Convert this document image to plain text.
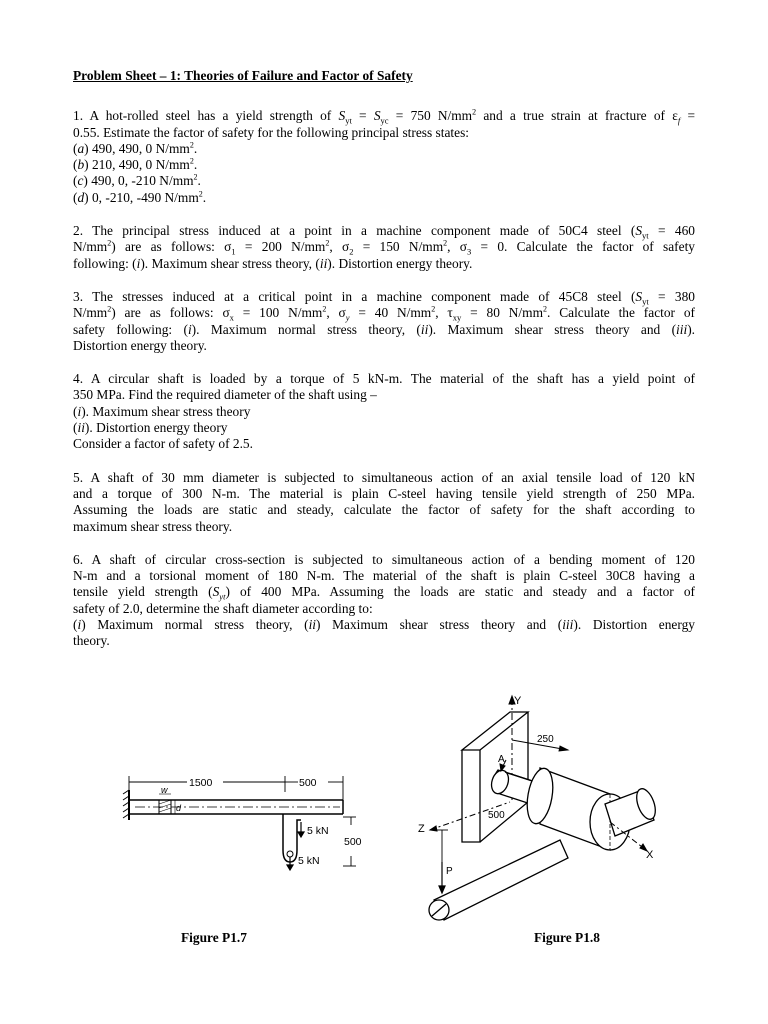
Problem Sheet – 1: Theories of Failure and Factor of Safety
1. A hot-rolled steel has a yield strength of $S_{yt} = S_{yc} = 750$ $N/mm^2$ and a true strain at fracture of $\varepsilon_f$ =
0.55. Estimate the factor of safety for the following principal stress states:
(a) 490, 490, 0 $N/mm^2$.
(b) 210, 490, 0 $N/mm^2$.
(c) 490, 0, -210 $N/mm^2$.
(d) 0, -210, -490 $N/mm^2$.
2. The principal stress induced at a point in a machine component made of 50C4 steel ($S_{yt} = 460$
$N/mm^2$) are as follows: $\sigma_1 = 200$ $N/mm^2$, $\sigma_2 = 150$ $N/mm^2$, $\sigma_3 = 0$. Calculate the factor of safety
following: (i). Maximum shear stress theory, (ii). Distortion energy theory.
3. The stresses induced at a critical point in a machine component made of 45C8 steel ($S_{yt} = 380$
$N/mm^2$) are as follows: $\sigma_x = 100$ $N/mm^2$, $\sigma_y = 40$ $N/mm^2$, $\tau_{xy} = 80$ $N/mm^2$. Calculate the factor of
safety following: (i). Maximum normal stress theory, (ii). Maximum shear stress theory and (iii).
Distortion energy theory.
4. A circular shaft is loaded by a torque of 5 kN-m. The material of the shaft has a yield point of
350 MPa. Find the required diameter of the shaft using –
(i). Maximum shear stress theory
(ii). Distortion energy theory
Consider a factor of safety of 2.5.
5. A shaft of 30 mm diameter is subjected to simultaneous action of an axial tensile load of 120 kN
and a torque of 300 N-m. The material is plain C-steel having tensile yield strength of 250 MPa.
Assuming the loads are static and steady, calculate the factor of safety for the shaft according to
maximum shear stress theory.
6. A shaft of circular cross-section is subjected to simultaneous action of a bending moment of 120
N-m and a torsional moment of 180 N-m. The material of the shaft is plain C-steel 30C8 having a
tensile yield strength $(S_{yt})$ of 400 MPa. Assuming the loads are static and steady and a factor of
safety of 2.0, determine the shaft diameter according to:
(i) Maximum normal stress theory, (ii) Maximum shear stress theory and (iii). Distortion energy
theory.
1500	500
w
d
5 kN
500
5 kN
Figure P1.7
Y
250
A
500
Z
X
P
Figure P1.8
